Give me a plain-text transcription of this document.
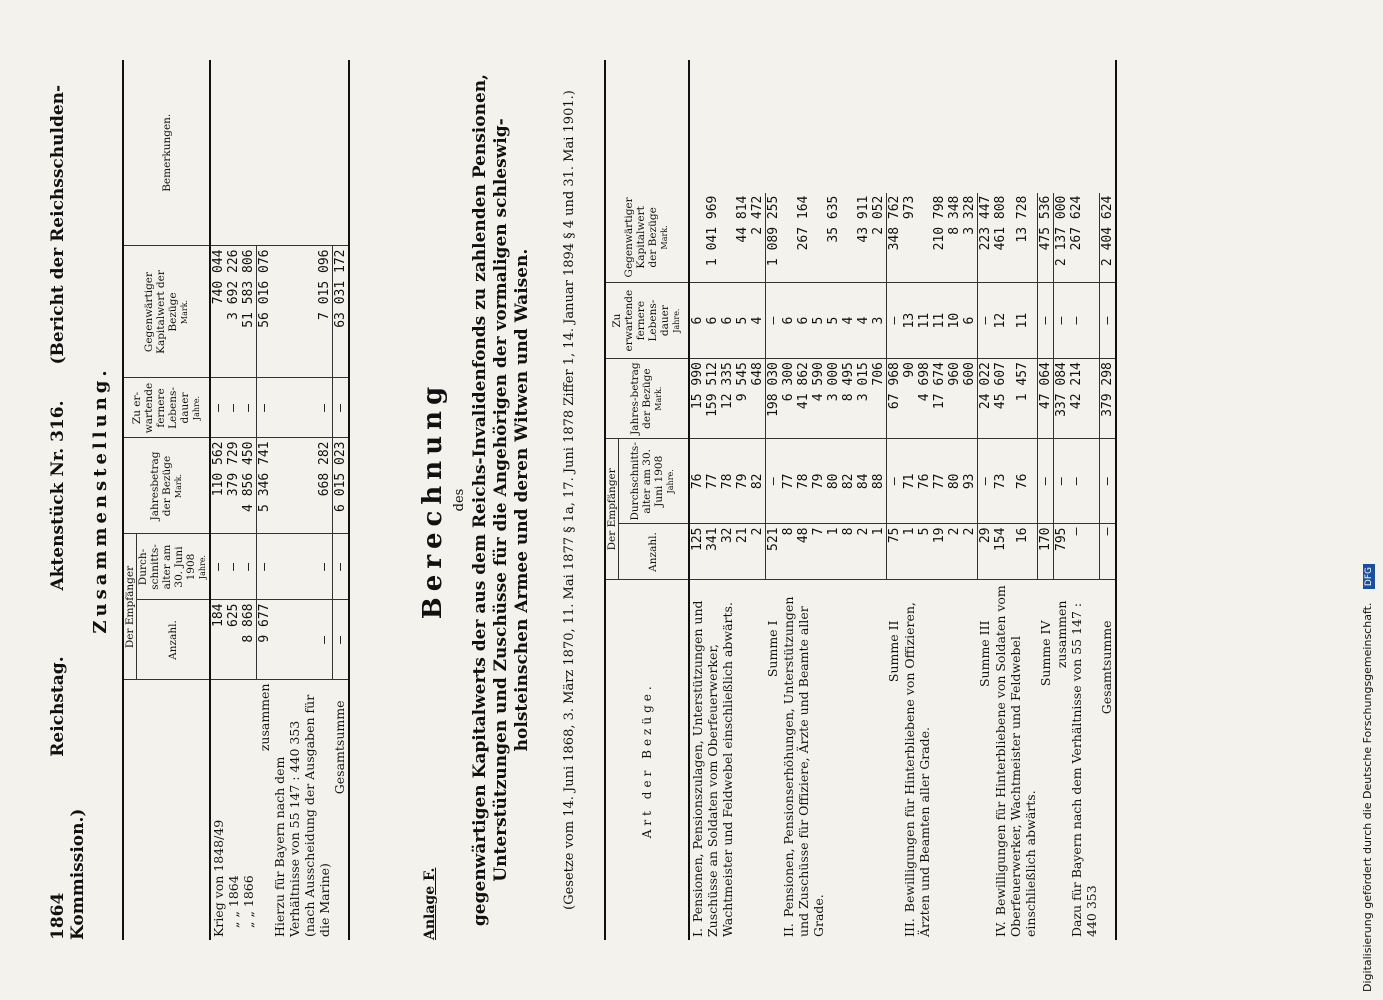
1864 Reichstag. Aktenstück Nr. 316. (Bericht der Reichsschulden-Kommission.)
Zusammenstellung.
	Der Empfänger		Jahresbetrag der Bezüge Mark.	Zu er-wartende fernere Lebens-dauer Jahre.	Gegenwärtiger Kapitalwert der Bezüge Mark.	Bemerkungen.
	Anzahl.	Durch-schnitts-alter am 30. Juni 1908 Jahre.				

Krieg von 1848/49	184	—	110 562	—	740 044	
„ „ 1864	625	—	379 729	—	3 692 226	
„ „ 1866	8 868	—	4 856 450	—	51 583 806	
zusammen	9 677	—	5 346 741	—	56 016 076	
Hierzu für Bayern nach dem Verhältnisse von 55 147 : 440 353 (nach Ausscheidung der Ausgaben für die Marine)	—	—	668 282	—	7 015 096	
Gesamtsumme	—	—	6 015 023	—	63 031 172	
Anlage F.
Berechnung des gegenwärtigen Kapitalwerts der aus dem Reichs-Invalidenfonds zu zahlenden Pensionen, Unterstützungen und Zuschüsse für die Angehörigen der vormaligen schleswig-holsteinschen Armee und deren Witwen und Waisen. (Gesetze vom 14. Juni 1868, 3. März 1870, 11. Mai 1877 § 1a, 17. Juni 1878 Ziffer 1, 14. Januar 1894 § 4 und 31. Mai 1901.)	Art der Bezüge.	Der Empfänger		Jahres-betrag der Bezüge Mark.	Zu erwartende fernere Lebens-dauer Jahre.	Gegenwärtiger Kapitalwert der Bezüge Mark.	

	Anzahl.	Durchschnitts-alter am 30. Juni 1908 Jahre.				

I.Pensionen, Pensionszulagen, Unterstützungen und Zuschüsse an Soldaten vom Oberfeuerwerker, Wachtmeister und Feldwebel einschließlich abwärts.	125	76	15 990	6		
	341	77	159 512	6	1 041 969	
	32	78	12 335	6		
	21	79	9 545	5	44 814	
	2	82	648	4	2 472	
Summe I	521	—	198 030	—	1 089 255	
II.Pensionen, Pensionserhöhungen, Unterstützungen und Zuschüsse für Offiziere, Ärzte und Beamte aller Grade.	8	77	6 300	6		
	48	78	41 862	6	267 164	
	7	79	4 590	5		
	1	80	3 000	5	35 635	
	8	82	8 495	4		
	2	84	3 015	4	43 911	
	1	88	706	3	2 052	
Summe II	75	—	67 968	—	348 762	
III.Bewilligungen für Hinterbliebene von Offizieren, Ärzten und Beamten aller Grade.	1	71	90	13	973	
	5	76	4 698	11		
	19	77	17 674	11	210 798	
	2	80	960	10	8 348	
	2	93	600	6	3 328	
Summe III	29	—	24 022	—	223 447	
IV.Bewilligungen für Hinterbliebene von Soldaten vom Oberfeuerwerker, Wachtmeister und Feldwebel einschließlich abwärts.	154	73	45 607	12	461 808	
	16	76	1 457	11	13 728	
Summe IV	170	—	47 064	—	475 536	
zusammen	795	—	337 084	—	2 137 000	
Dazu für Bayern nach dem Verhältnisse von 55 147 : 440 353	—	—	42 214	—	267 624	
Gesamtsumme	—	—	379 298	—	2 404 624	
Digitalisierung gefördert durch die Deutsche Forschungsgemeinschaft. DFG
